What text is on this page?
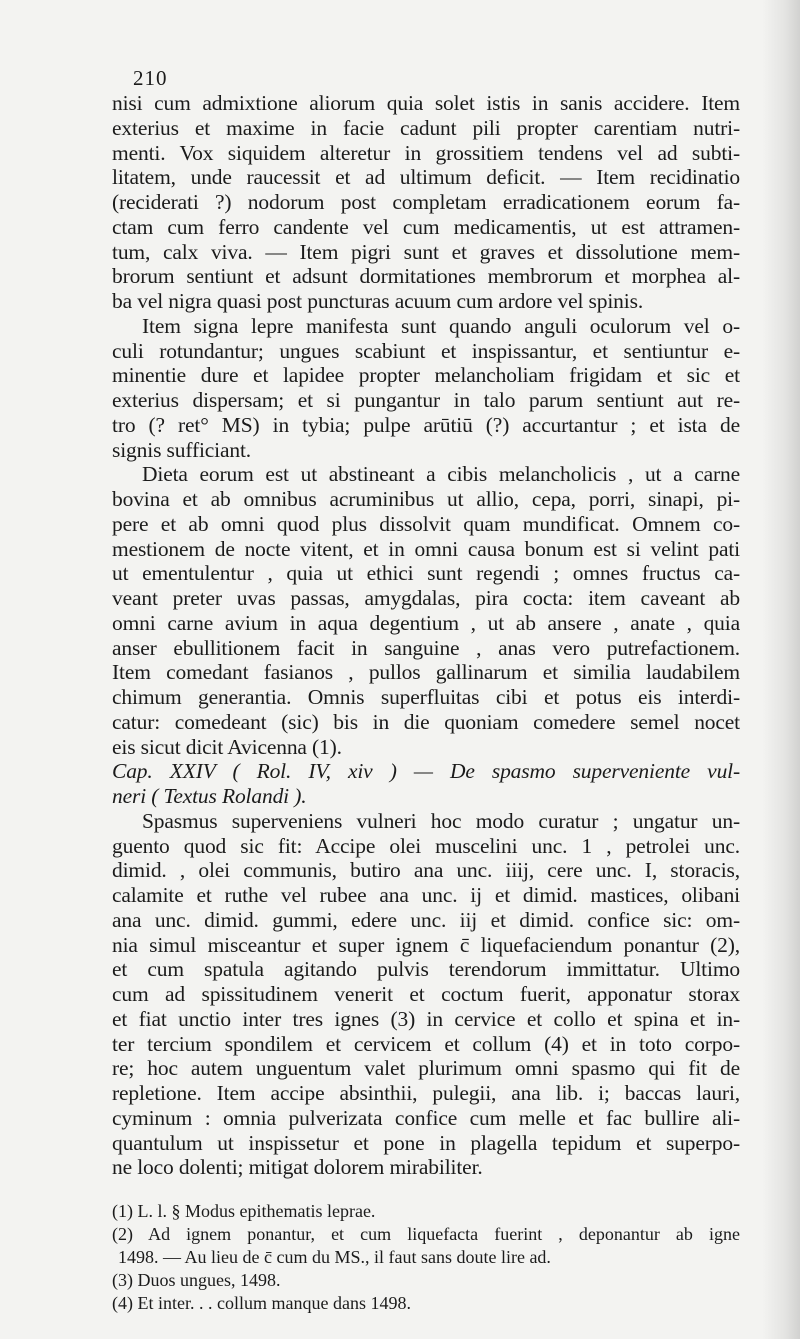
210
nisi cum admixtione aliorum quia solet istis in sanis accidere. Item
exterius et maxime in facie cadunt pili propter carentiam nutri-
menti. Vox siquidem alteretur in grossitiem tendens vel ad subti-
litatem, unde raucessit et ad ultimum deficit. — Item recidinatio
(reciderati ?) nodorum post completam erradicationem eorum fa-
ctam cum ferro candente vel cum medicamentis, ut est attramen-
tum, calx viva. — Item pigri sunt et graves et dissolutione mem-
brorum sentiunt et adsunt dormitationes membrorum et morphea al-
ba vel nigra quasi post puncturas acuum cum ardore vel spinis.
Item signa lepre manifesta sunt quando anguli oculorum vel o-
culi rotundantur; ungues scabiunt et inspissantur, et sentiuntur e-
minentie dure et lapidee propter melancholiam frigidam et sic et
exterius dispersam; et si pungantur in talo parum sentiunt aut re-
tro (? ret° MS) in tybia; pulpe arūtiū (?) accurtantur ; et ista de
signis sufficiant.
Dieta eorum est ut abstineant a cibis melancholicis , ut a carne
bovina et ab omnibus acruminibus ut allio, cepa, porri, sinapi, pi-
pere et ab omni quod plus dissolvit quam mundificat. Omnem co-
mestionem de nocte vitent, et in omni causa bonum est si velint pati
ut ementulentur , quia ut ethici sunt regendi ; omnes fructus ca-
veant preter uvas passas, amygdalas, pira cocta: item caveant ab
omni carne avium in aqua degentium , ut ab ansere , anate , quia
anser ebullitionem facit in sanguine , anas vero putrefactionem.
Item comedant fasianos , pullos gallinarum et similia laudabilem
chimum generantia. Omnis superfluitas cibi et potus eis interdi-
catur: comedeant (sic) bis in die quoniam comedere semel nocet
eis sicut dicit Avicenna (1).
Cap. XXIV ( Rol. IV, xiv ) — De spasmo superveniente vul-
neri ( Textus Rolandi ).
Spasmus superveniens vulneri hoc modo curatur ; ungatur un-
guento quod sic fit: Accipe olei muscelini unc. 1 , petrolei unc.
dimid. , olei communis, butiro ana unc. iiij, cere unc. I, storacis,
calamite et ruthe vel rubee ana unc. ij et dimid. mastices, olibani
ana unc. dimid. gummi, edere unc. iij et dimid. confice sic: om-
nia simul misceantur et super ignem c̄ liquefaciendum ponantur (2),
et cum spatula agitando pulvis terendorum immittatur. Ultimo
cum ad spissitudinem venerit et coctum fuerit, apponatur storax
et fiat unctio inter tres ignes (3) in cervice et collo et spina et in-
ter tercium spondilem et cervicem et collum (4) et in toto corpo-
re; hoc autem unguentum valet plurimum omni spasmo qui fit de
repletione. Item accipe absinthii, pulegii, ana lib. i; baccas lauri,
cyminum : omnia pulverizata confice cum melle et fac bullire ali-
quantulum ut inspissetur et pone in plagella tepidum et superpo-
ne loco dolenti; mitigat dolorem mirabiliter.
(1) L. l. § Modus epithematis leprae.
(2) Ad ignem ponantur, et cum liquefacta fuerint , deponantur ab igne
1498. — Au lieu de c̄ cum du MS., il faut sans doute lire ad.
(3) Duos ungues, 1498.
(4) Et inter. . . collum manque dans 1498.
